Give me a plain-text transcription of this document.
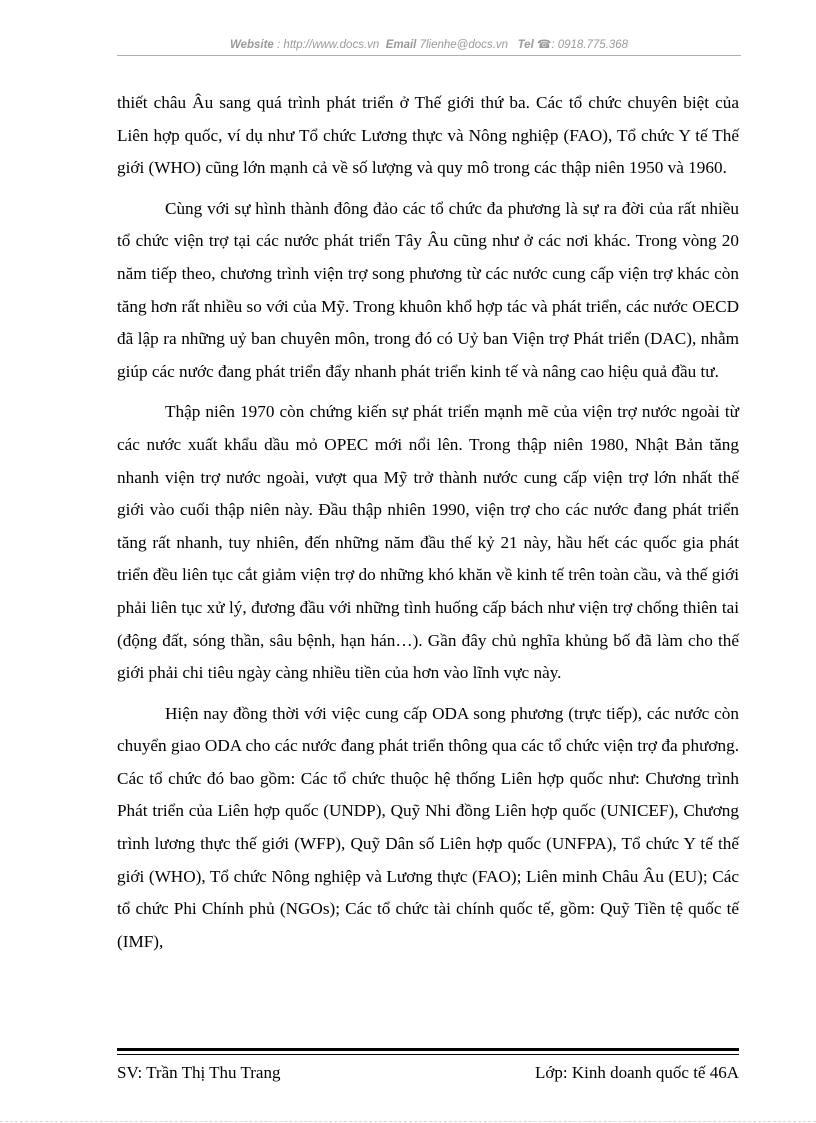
Website : http://www.docs.vn Email 7lienhe@docs.vn Tel ☎: 0918.775.368

thiết châu Âu sang quá trình phát triển ở Thế giới thứ ba. Các tổ chức chuyên biệt của Liên hợp quốc, ví dụ như Tổ chức Lương thực và Nông nghiệp (FAO), Tổ chức Y tế Thế giới (WHO) cũng lớn mạnh cả về số lượng và quy mô trong các thập niên 1950 và 1960.

Cùng với sự hình thành đông đảo các tổ chức đa phương là sự ra đời của rất nhiều tổ chức viện trợ tại các nước phát triển Tây Âu cũng như ở các nơi khác. Trong vòng 20 năm tiếp theo, chương trình viện trợ song phương từ các nước cung cấp viện trợ khác còn tăng hơn rất nhiều so với của Mỹ. Trong khuôn khổ hợp tác và phát triển, các nước OECD đã lập ra những uỷ ban chuyên môn, trong đó có Uỷ ban Viện trợ Phát triển (DAC), nhằm giúp các nước đang phát triển đẩy nhanh phát triển kinh tế và nâng cao hiệu quả đầu tư.

Thập niên 1970 còn chứng kiến sự phát triển mạnh mẽ của viện trợ nước ngoài từ các nước xuất khẩu dầu mỏ OPEC mới nổi lên. Trong thập niên 1980, Nhật Bản tăng nhanh viện trợ nước ngoài, vượt qua Mỹ trở thành nước cung cấp viện trợ lớn nhất thế giới vào cuối thập niên này. Đầu thập nhiên 1990, viện trợ cho các nước đang phát triển tăng rất nhanh, tuy nhiên, đến những năm đầu thế kỷ 21 này, hầu hết các quốc gia phát triển đều liên tục cắt giảm viện trợ do những khó khăn về kinh tế trên toàn cầu, và thế giới phải liên tục xử lý, đương đầu với những tình huống cấp bách như viện trợ chống thiên tai (động đất, sóng thần, sâu bệnh, hạn hán…). Gần đây chủ nghĩa khủng bố đã làm cho thế giới phải chi tiêu ngày càng nhiều tiền của hơn vào lĩnh vực này.

Hiện nay đồng thời với việc cung cấp ODA song phương (trực tiếp), các nước còn chuyển giao ODA cho các nước đang phát triển thông qua các tổ chức viện trợ đa phương. Các tổ chức đó bao gồm: Các tổ chức thuộc hệ thống Liên hợp quốc như: Chương trình Phát triển của Liên hợp quốc (UNDP), Quỹ Nhi đồng Liên hợp quốc (UNICEF), Chương trình lương thực thế giới (WFP), Quỹ Dân số Liên hợp quốc (UNFPA), Tổ chức Y tế thế giới (WHO), Tổ chức Nông nghiệp và Lương thực (FAO); Liên minh Châu Âu (EU); Các tổ chức Phi Chính phủ (NGOs); Các tổ chức tài chính quốc tế, gồm: Quỹ Tiền tệ quốc tế (IMF),

SV: Trần Thị Thu Trang	Lớp: Kinh doanh quốc tế 46A
